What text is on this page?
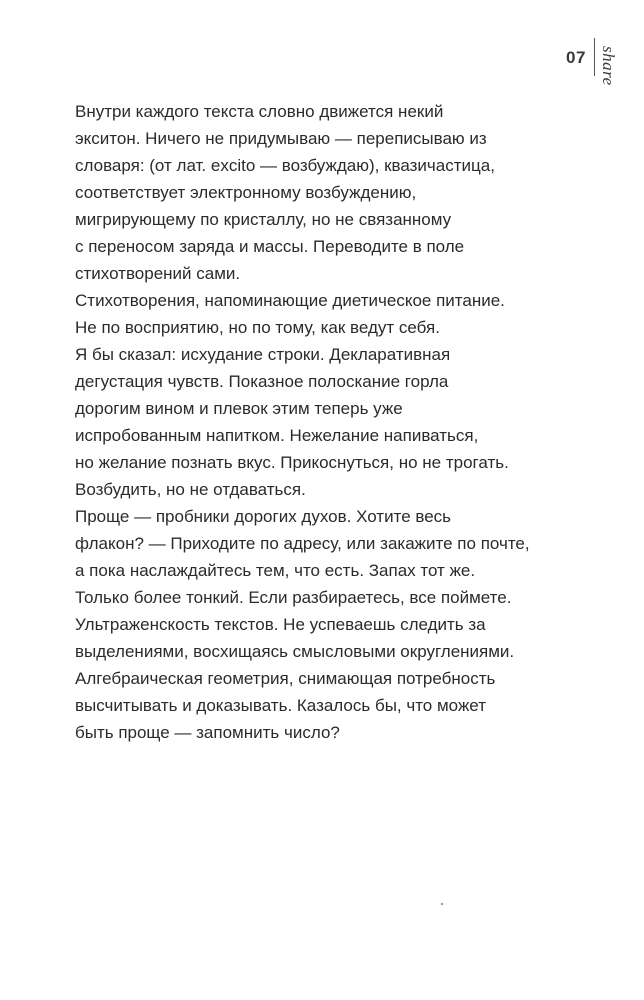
07 share
Внутри каждого текста словно движется некий
экситон. Ничего не придумываю — переписываю из
словаря: (от лат. excito — возбуждаю), квазичастица,
соответствует электронному возбуждению,
мигрирующему по кристаллу, но не связанному
с переносом заряда и массы. Переводите в поле
стихотворений сами.
Стихотворения, напоминающие диетическое питание.
Не по восприятию, но по тому, как ведут себя.
Я бы сказал: исхудание строки. Декларативная
дегустация чувств. Показное полоскание горла
дорогим вином и плевок этим теперь уже
испробованным напитком. Нежелание напиваться,
но желание познать вкус. Прикоснуться, но не трогать.
Возбудить, но не отдаваться.
Проще — пробники дорогих духов. Хотите весь
флакон? — Приходите по адресу, или закажите по почте,
а пока наслаждайтесь тем, что есть. Запах тот же.
Только более тонкий. Если разбираетесь, все поймете.
Ультраженскость текстов. Не успеваешь следить за
выделениями, восхищаясь смысловыми округлениями.
Алгебраическая геометрия, снимающая потребность
высчитывать и доказывать. Казалось бы, что может
быть проще — запомнить число?
